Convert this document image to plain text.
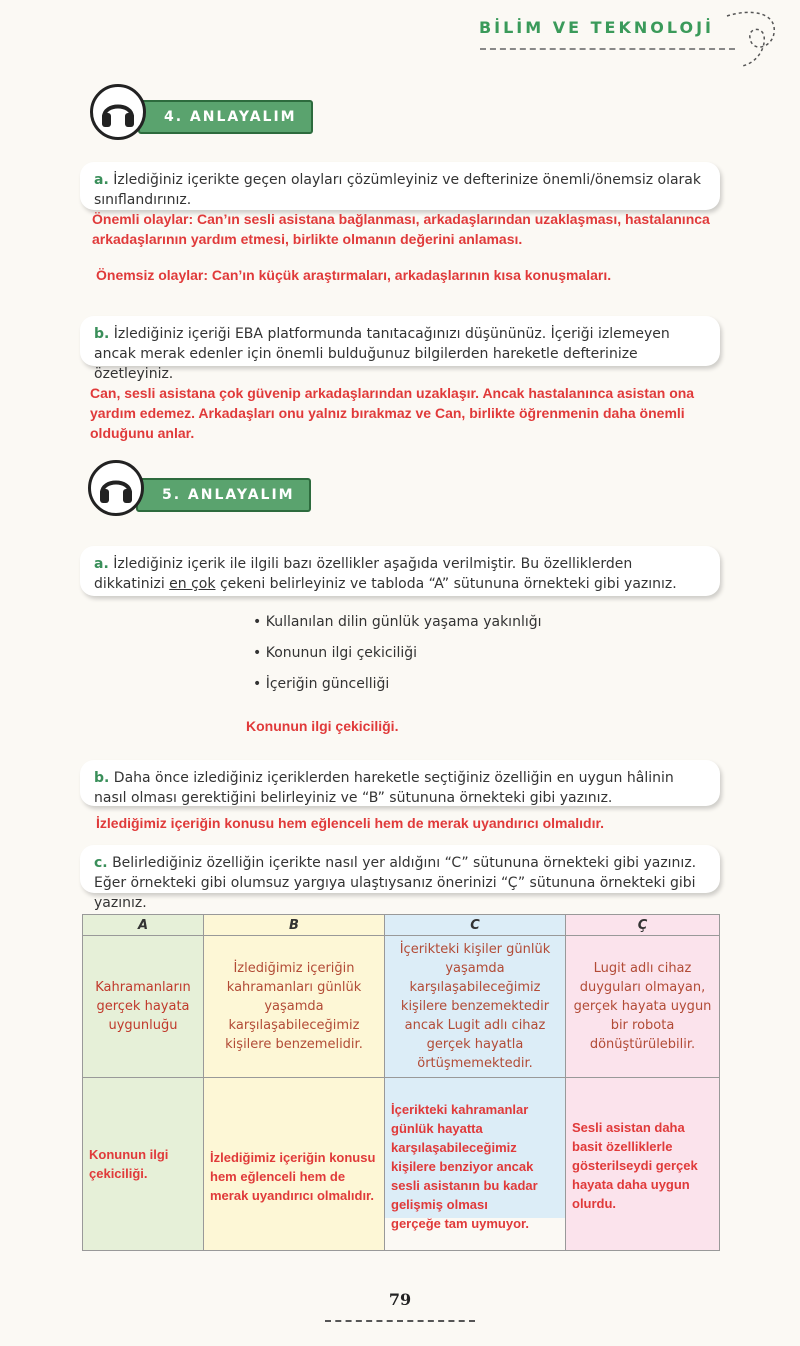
BİLİM VE TEKNOLOJİ
4. ANLAYALIM
a. İzlediğiniz içerikte geçen olayları çözümleyiniz ve defterinize önemli/önemsiz olarak sınıflandırınız.
Önemli olaylar: Can’ın sesli asistana bağlanması, arkadaşlarından uzaklaşması, hastalanınca arkadaşlarının yardım etmesi, birlikte olmanın değerini anlaması.
Önemsiz olaylar: Can’ın küçük araştırmaları, arkadaşlarının kısa konuşmaları.
b. İzlediğiniz içeriği EBA platformunda tanıtacağınızı düşününüz. İçeriği izlemeyen ancak merak edenler için önemli bulduğunuz bilgilerden hareketle defterinize özetleyiniz.
Can, sesli asistana çok güvenip arkadaşlarından uzaklaşır. Ancak hastalanınca asistan ona yardım edemez. Arkadaşları onu yalnız bırakmaz ve Can, birlikte öğrenmenin daha önemli olduğunu anlar.
5. ANLAYALIM
a. İzlediğiniz içerik ile ilgili bazı özellikler aşağıda verilmiştir. Bu özelliklerden dikkatinizi en çok çekeni belirleyiniz ve tabloda “A” sütununa örnekteki gibi yazınız.
• Kullanılan dilin günlük yaşama yakınlığı
• Konunun ilgi çekiciliği
• İçeriğin güncelliği
Konunun ilgi çekiciliği.
b. Daha önce izlediğiniz içeriklerden hareketle seçtiğiniz özelliğin en uygun hâlinin nasıl olması gerektiğini belirleyiniz ve “B” sütununa örnekteki gibi yazınız.
İzlediğimiz içeriğin konusu hem eğlenceli hem de merak uyandırıcı olmalıdır.
c. Belirlediğiniz özelliğin içerikte nasıl yer aldığını “C” sütununa örnekteki gibi yazınız. Eğer örnekteki gibi olumsuz yargıya ulaştıysanız önerinizi “Ç” sütununa örnekteki gibi yazınız.
A	B	C	Ç
Kahramanların gerçek hayata uygunluğu	İzlediğimiz içeriğin kahramanları günlük yaşamda karşılaşabileceğimiz kişilere benzemelidir.	İçerikteki kişiler günlük yaşamda karşılaşabileceğimiz kişilere benzemektedir ancak Lugit adlı cihaz gerçek hayatla örtüşmemektedir.	Lugit adlı cihaz duyguları olmayan, gerçek hayata uygun bir robota dönüştürülebilir.
Konunun ilgi çekiciliği.	İzlediğimiz içeriğin konusu hem eğlenceli hem de merak uyandırıcı olmalıdır.	İçerikteki kahramanlar günlük hayatta karşılaşabileceğimiz kişilere benziyor ancak sesli asistanın bu kadar gelişmiş olması gerçeğe tam uymuyor.	Sesli asistan daha basit özelliklerle gösterilseydi gerçek hayata daha uygun olurdu.
79
